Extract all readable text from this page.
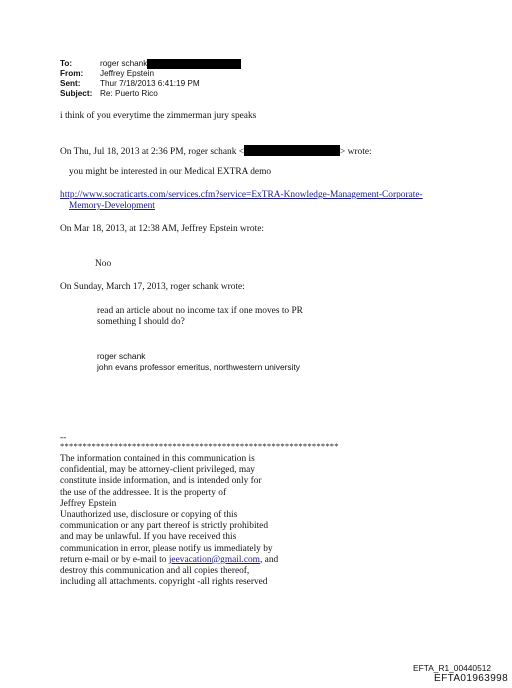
To:	roger schank
From:	Jeffrey Epstein
Sent:	Thur 7/18/2013 6:41:19 PM
Subject: Re: Puerto Rico
i think of you everytime the zimmerman jury speaks
On Thu, Jul 18, 2013 at 2:36 PM, roger schank <	> wrote:
you might be interested in our Medical EXTRA demo
http://www.socraticarts.com/services.cfm?service=ExTRA-Knowledge-Management-Corporate-
Memory-Development
On Mar 18, 2013, at 12:38 AM, Jeffrey Epstein wrote:
Noo
On Sunday, March 17, 2013, roger schank wrote:
read an article about no income tax if one moves to PR
something I should do?
roger schank
john evans professor emeritus, northwestern university
--
**************************************************************
The information contained in this communication is
confidential, may be attorney-client privileged, may
constitute inside information, and is intended only for
the use of the addressee. It is the property of
Jeffrey Epstein
Unauthorized use, disclosure or copying of this
communication or any part thereof is strictly prohibited
and may be unlawful. If you have received this
communication in error, please notify us immediately by
return e-mail or by e-mail to jeevacation@gmail.com, and
destroy this communication and all copies thereof,
including all attachments. copyright -all rights reserved
EFTA_R1_00440512
EFTA01963998
